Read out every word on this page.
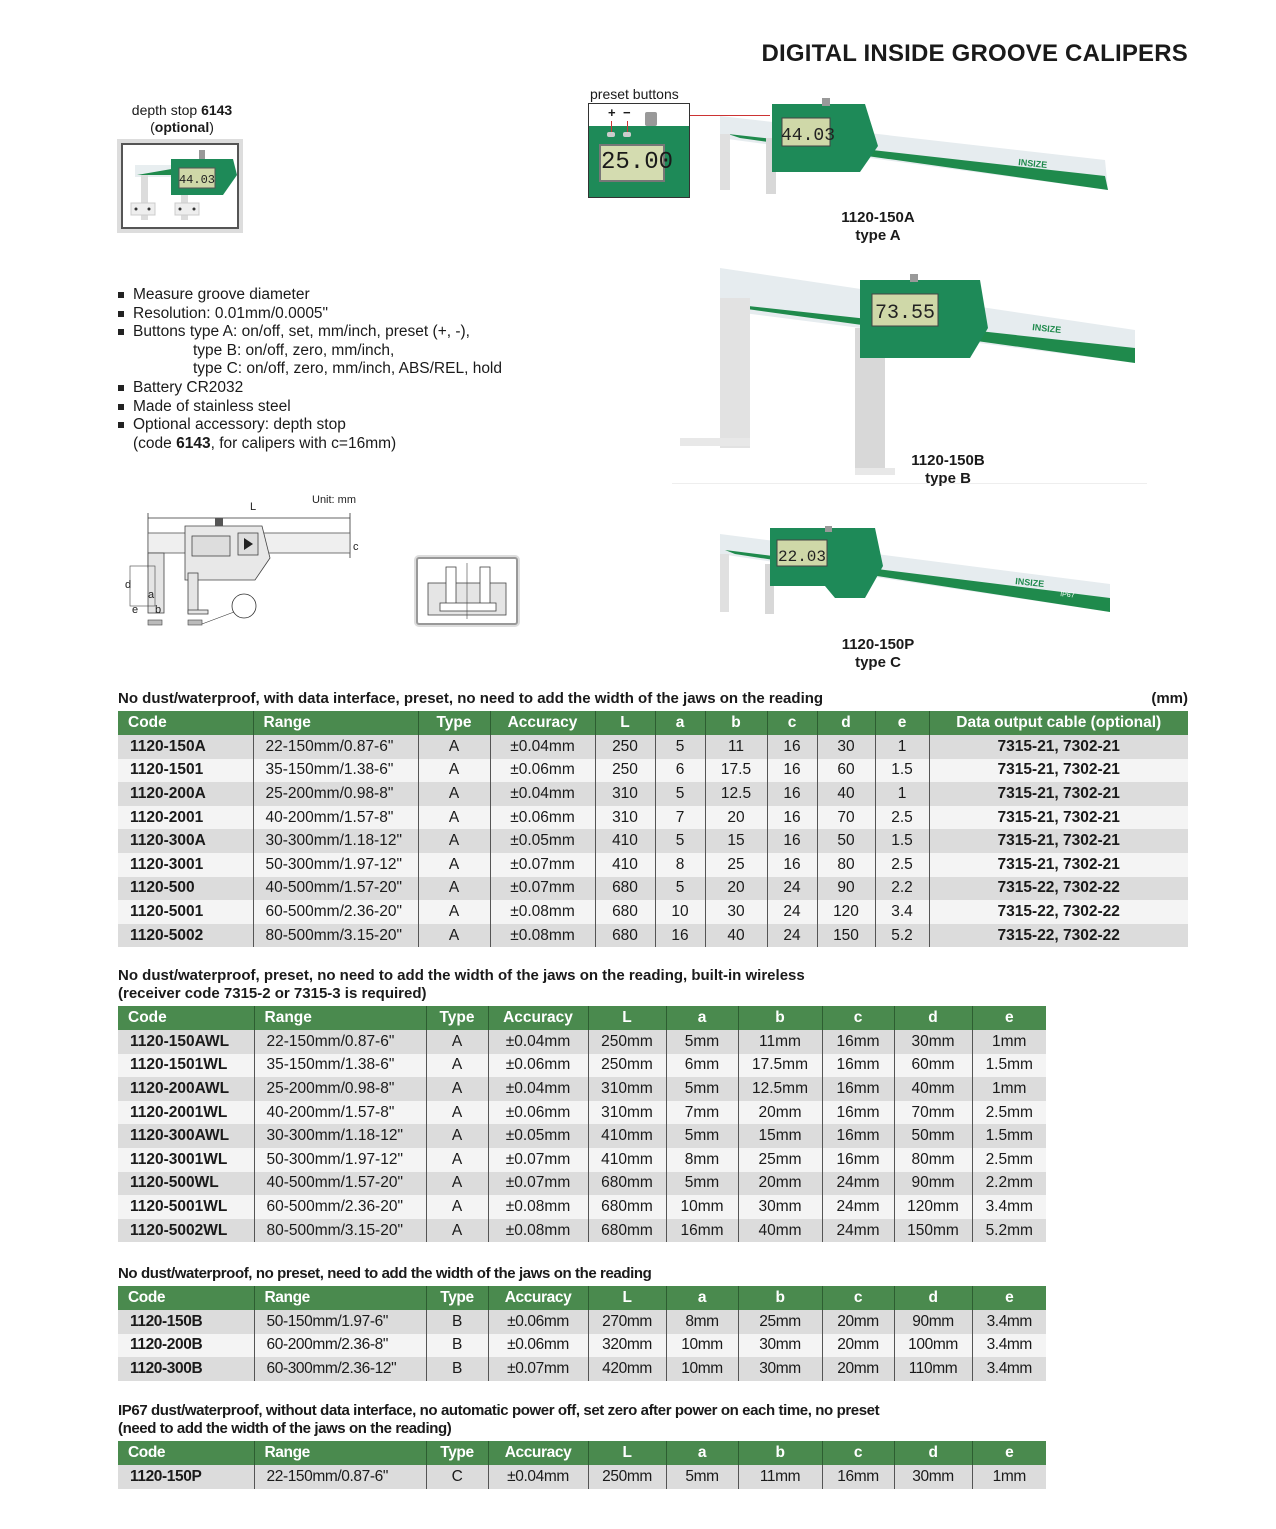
DIGITAL INSIDE GROOVE CALIPERS
depth stop 6143
(optional)
44.03
preset buttons
+ −
25.00
44.03
INSIZE
1120-150A
type A
73.55
INSIZE
1120-150B
type B
22.03
INSIZE
IP67
1120-150P
type C
Measure groove diameter
Resolution: 0.01mm/0.0005"
Buttons type A: on/off, set, mm/inch, preset (+, -),
type B: on/off, zero, mm/inch,
type C: on/off, zero, mm/inch, ABS/REL, hold
Battery CR2032
Made of stainless steel
Optional accessory: depth stop
(code 6143, for calipers with c=16mm)
Unit: mm
L
c
d
a
e b
No dust/waterproof, with data interface, preset, no need to add the width of the jaws on the reading	(mm)
Code	Range	Type	Accuracy	L	a	b	c	d	e	Data output cable (optional)
1120-150A	22-150mm/0.87-6"	A	±0.04mm	250	5	11	16	30	1	7315-21, 7302-21
1120-1501	35-150mm/1.38-6"	A	±0.06mm	250	6	17.5	16	60	1.5	7315-21, 7302-21
1120-200A	25-200mm/0.98-8"	A	±0.04mm	310	5	12.5	16	40	1	7315-21, 7302-21
1120-2001	40-200mm/1.57-8"	A	±0.06mm	310	7	20	16	70	2.5	7315-21, 7302-21
1120-300A	30-300mm/1.18-12"	A	±0.05mm	410	5	15	16	50	1.5	7315-21, 7302-21
1120-3001	50-300mm/1.97-12"	A	±0.07mm	410	8	25	16	80	2.5	7315-21, 7302-21
1120-500	40-500mm/1.57-20"	A	±0.07mm	680	5	20	24	90	2.2	7315-22, 7302-22
1120-5001	60-500mm/2.36-20"	A	±0.08mm	680	10	30	24	120	3.4	7315-22, 7302-22
1120-5002	80-500mm/3.15-20"	A	±0.08mm	680	16	40	24	150	5.2	7315-22, 7302-22
No dust/waterproof, preset, no need to add the width of the jaws on the reading, built-in wireless
(receiver code 7315-2 or 7315-3 is required)
Code	Range	Type	Accuracy	L	a	b	c	d	e
1120-150AWL	22-150mm/0.87-6"	A	±0.04mm	250mm	5mm	11mm	16mm	30mm	1mm
1120-1501WL	35-150mm/1.38-6"	A	±0.06mm	250mm	6mm	17.5mm	16mm	60mm	1.5mm
1120-200AWL	25-200mm/0.98-8"	A	±0.04mm	310mm	5mm	12.5mm	16mm	40mm	1mm
1120-2001WL	40-200mm/1.57-8"	A	±0.06mm	310mm	7mm	20mm	16mm	70mm	2.5mm
1120-300AWL	30-300mm/1.18-12"	A	±0.05mm	410mm	5mm	15mm	16mm	50mm	1.5mm
1120-3001WL	50-300mm/1.97-12"	A	±0.07mm	410mm	8mm	25mm	16mm	80mm	2.5mm
1120-500WL	40-500mm/1.57-20"	A	±0.07mm	680mm	5mm	20mm	24mm	90mm	2.2mm
1120-5001WL	60-500mm/2.36-20"	A	±0.08mm	680mm	10mm	30mm	24mm	120mm	3.4mm
1120-5002WL	80-500mm/3.15-20"	A	±0.08mm	680mm	16mm	40mm	24mm	150mm	5.2mm
No dust/waterproof, no preset, need to add the width of the jaws on the reading
Code	Range	Type	Accuracy	L	a	b	c	d	e
1120-150B	50-150mm/1.97-6"	B	±0.06mm	270mm	8mm	25mm	20mm	90mm	3.4mm
1120-200B	60-200mm/2.36-8"	B	±0.06mm	320mm	10mm	30mm	20mm	100mm	3.4mm
1120-300B	60-300mm/2.36-12"	B	±0.07mm	420mm	10mm	30mm	20mm	110mm	3.4mm
IP67 dust/waterproof, without data interface, no automatic power off, set zero after power on each time, no preset
(need to add the width of the jaws on the reading)
Code	Range	Type	Accuracy	L	a	b	c	d	e
1120-150P	22-150mm/0.87-6"	C	±0.04mm	250mm	5mm	11mm	16mm	30mm	1mm
